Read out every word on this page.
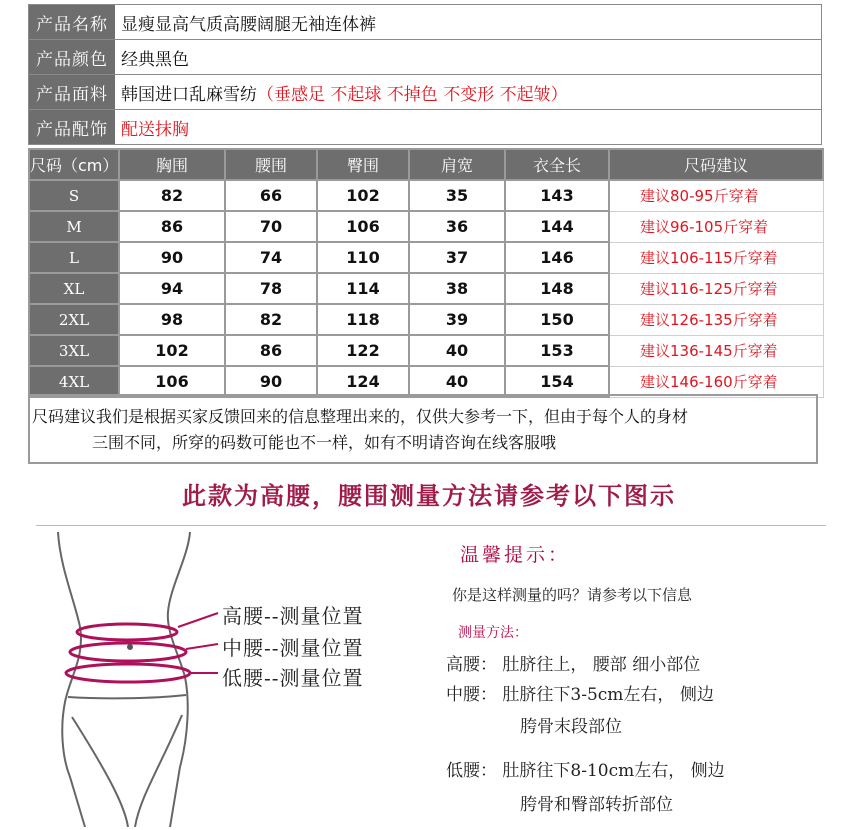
产品名称 显瘦显高气质高腰阔腿无袖连体裤
产品颜色 经典黑色
产品面料 韩国进口乱麻雪纺 （垂感足 不起球 不掉色 不变形 不起皱）
产品配饰 配送抹胸
尺码（cm）	胸围	腰围	臀围	肩宽	衣全长	尺码建议
S	82	66	102	35	143	建议80-95斤穿着
M	86	70	106	36	144	建议96-105斤穿着
L	90	74	110	37	146	建议106-115斤穿着
XL	94	78	114	38	148	建议116-125斤穿着
2XL	98	82	118	39	150	建议126-135斤穿着
3XL	102	86	122	40	153	建议136-145斤穿着
4XL	106	90	124	40	154	建议146-160斤穿着
尺码建议我们是根据买家反馈回来的信息整理出来的，仅供大参考一下，但由于每个人的身材
三围不同，所穿的码数可能也不一样，如有不明请咨询在线客服哦
此款为高腰，腰围测量方法请参考以下图示
高腰--测量位置
中腰--测量位置
低腰--测量位置
温馨提示：
你是这样测量的吗？请参考以下信息
测量方法：
高腰： 肚脐往上， 腰部 细小部位
中腰： 肚脐往下3-5cm左右， 侧边
胯骨末段部位
低腰： 肚脐往下8-10cm左右， 侧边
胯骨和臀部转折部位
